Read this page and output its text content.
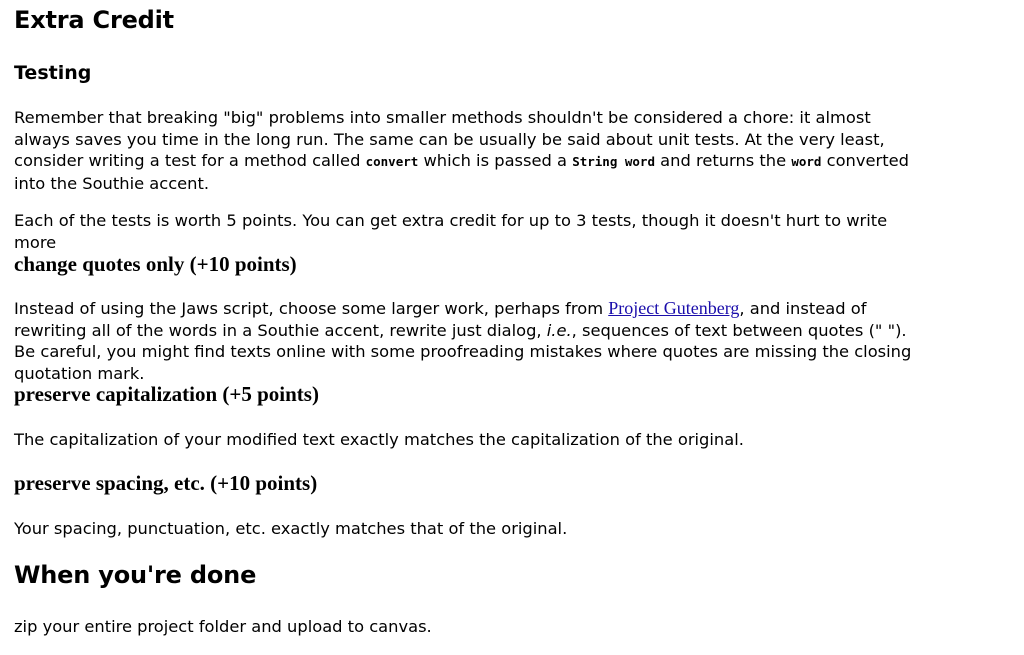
Extra Credit
Testing

Remember that breaking "big" problems into smaller methods shouldn't be considered a chore: it almost always saves you time in the long run. The same can be usually be said about unit tests. At the very least, consider writing a test for a method called convert which is passed a String word and returns the word converted into the Southie accent.

Each of the tests is worth 5 points. You can get extra credit for up to 3 tests, though it doesn't hurt to write more

change quotes only (+10 points)

Instead of using the Jaws script, choose some larger work, perhaps from Project Gutenberg, and instead of rewriting all of the words in a Southie accent, rewrite just dialog, i.e., sequences of text between quotes (" "). Be careful, you might find texts online with some proofreading mistakes where quotes are missing the closing quotation mark.

preserve capitalization (+5 points)

The capitalization of your modified text exactly matches the capitalization of the original.

preserve spacing, etc. (+10 points)

Your spacing, punctuation, etc. exactly matches that of the original.

When you're done

zip your entire project folder and upload to canvas.
